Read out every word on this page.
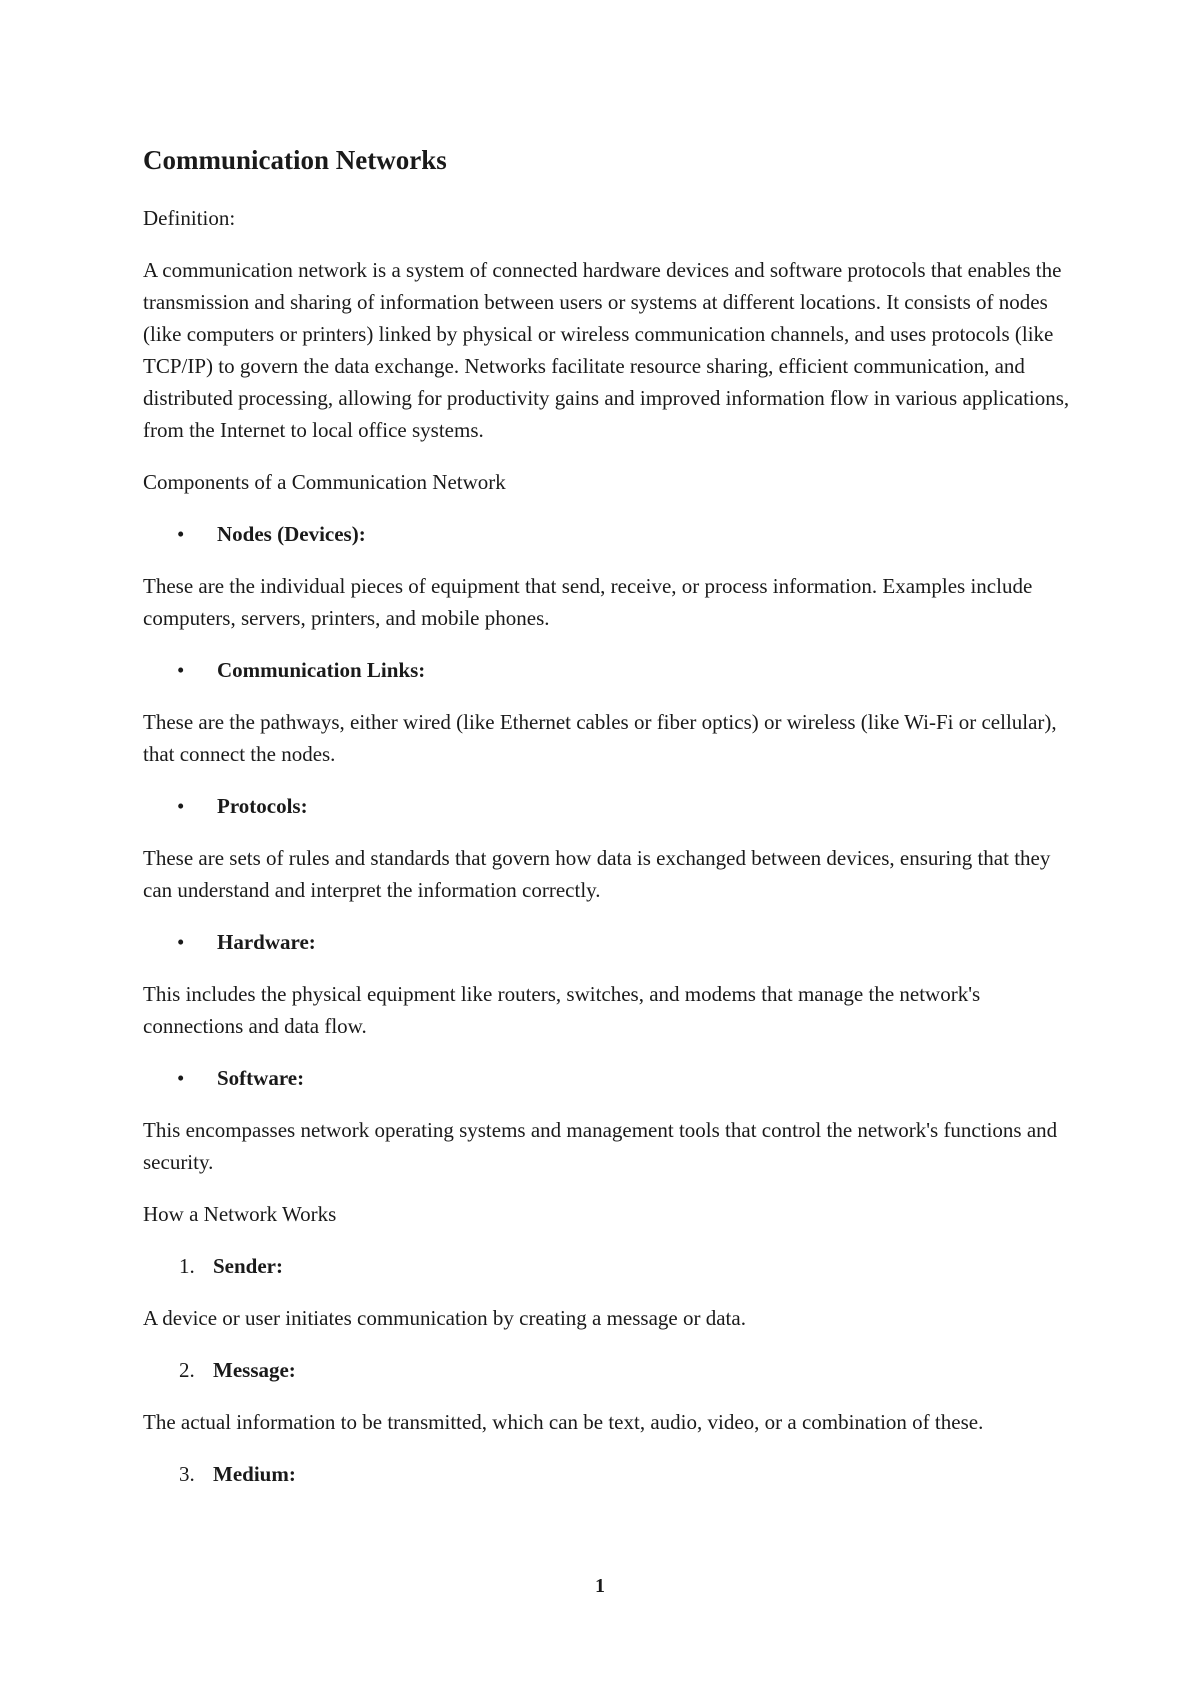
Communication Networks

Definition:

A communication network is a system of connected hardware devices and software protocols that enables the transmission and sharing of information between users or systems at different locations. It consists of nodes (like computers or printers) linked by physical or wireless communication channels, and uses protocols (like TCP/IP) to govern the data exchange. Networks facilitate resource sharing, efficient communication, and distributed processing, allowing for productivity gains and improved information flow in various applications, from the Internet to local office systems.

Components of a Communication Network

•	Nodes (Devices):

These are the individual pieces of equipment that send, receive, or process information. Examples include computers, servers, printers, and mobile phones.

•	Communication Links:

These are the pathways, either wired (like Ethernet cables or fiber optics) or wireless (like Wi-Fi or cellular), that connect the nodes.

•	Protocols:

These are sets of rules and standards that govern how data is exchanged between devices, ensuring that they can understand and interpret the information correctly.

•	Hardware:

This includes the physical equipment like routers, switches, and modems that manage the network's connections and data flow.

•	Software:

This encompasses network operating systems and management tools that control the network's functions and security.

How a Network Works

1. Sender:

A device or user initiates communication by creating a message or data.

2. Message:

The actual information to be transmitted, which can be text, audio, video, or a combination of these.

3. Medium:
1
